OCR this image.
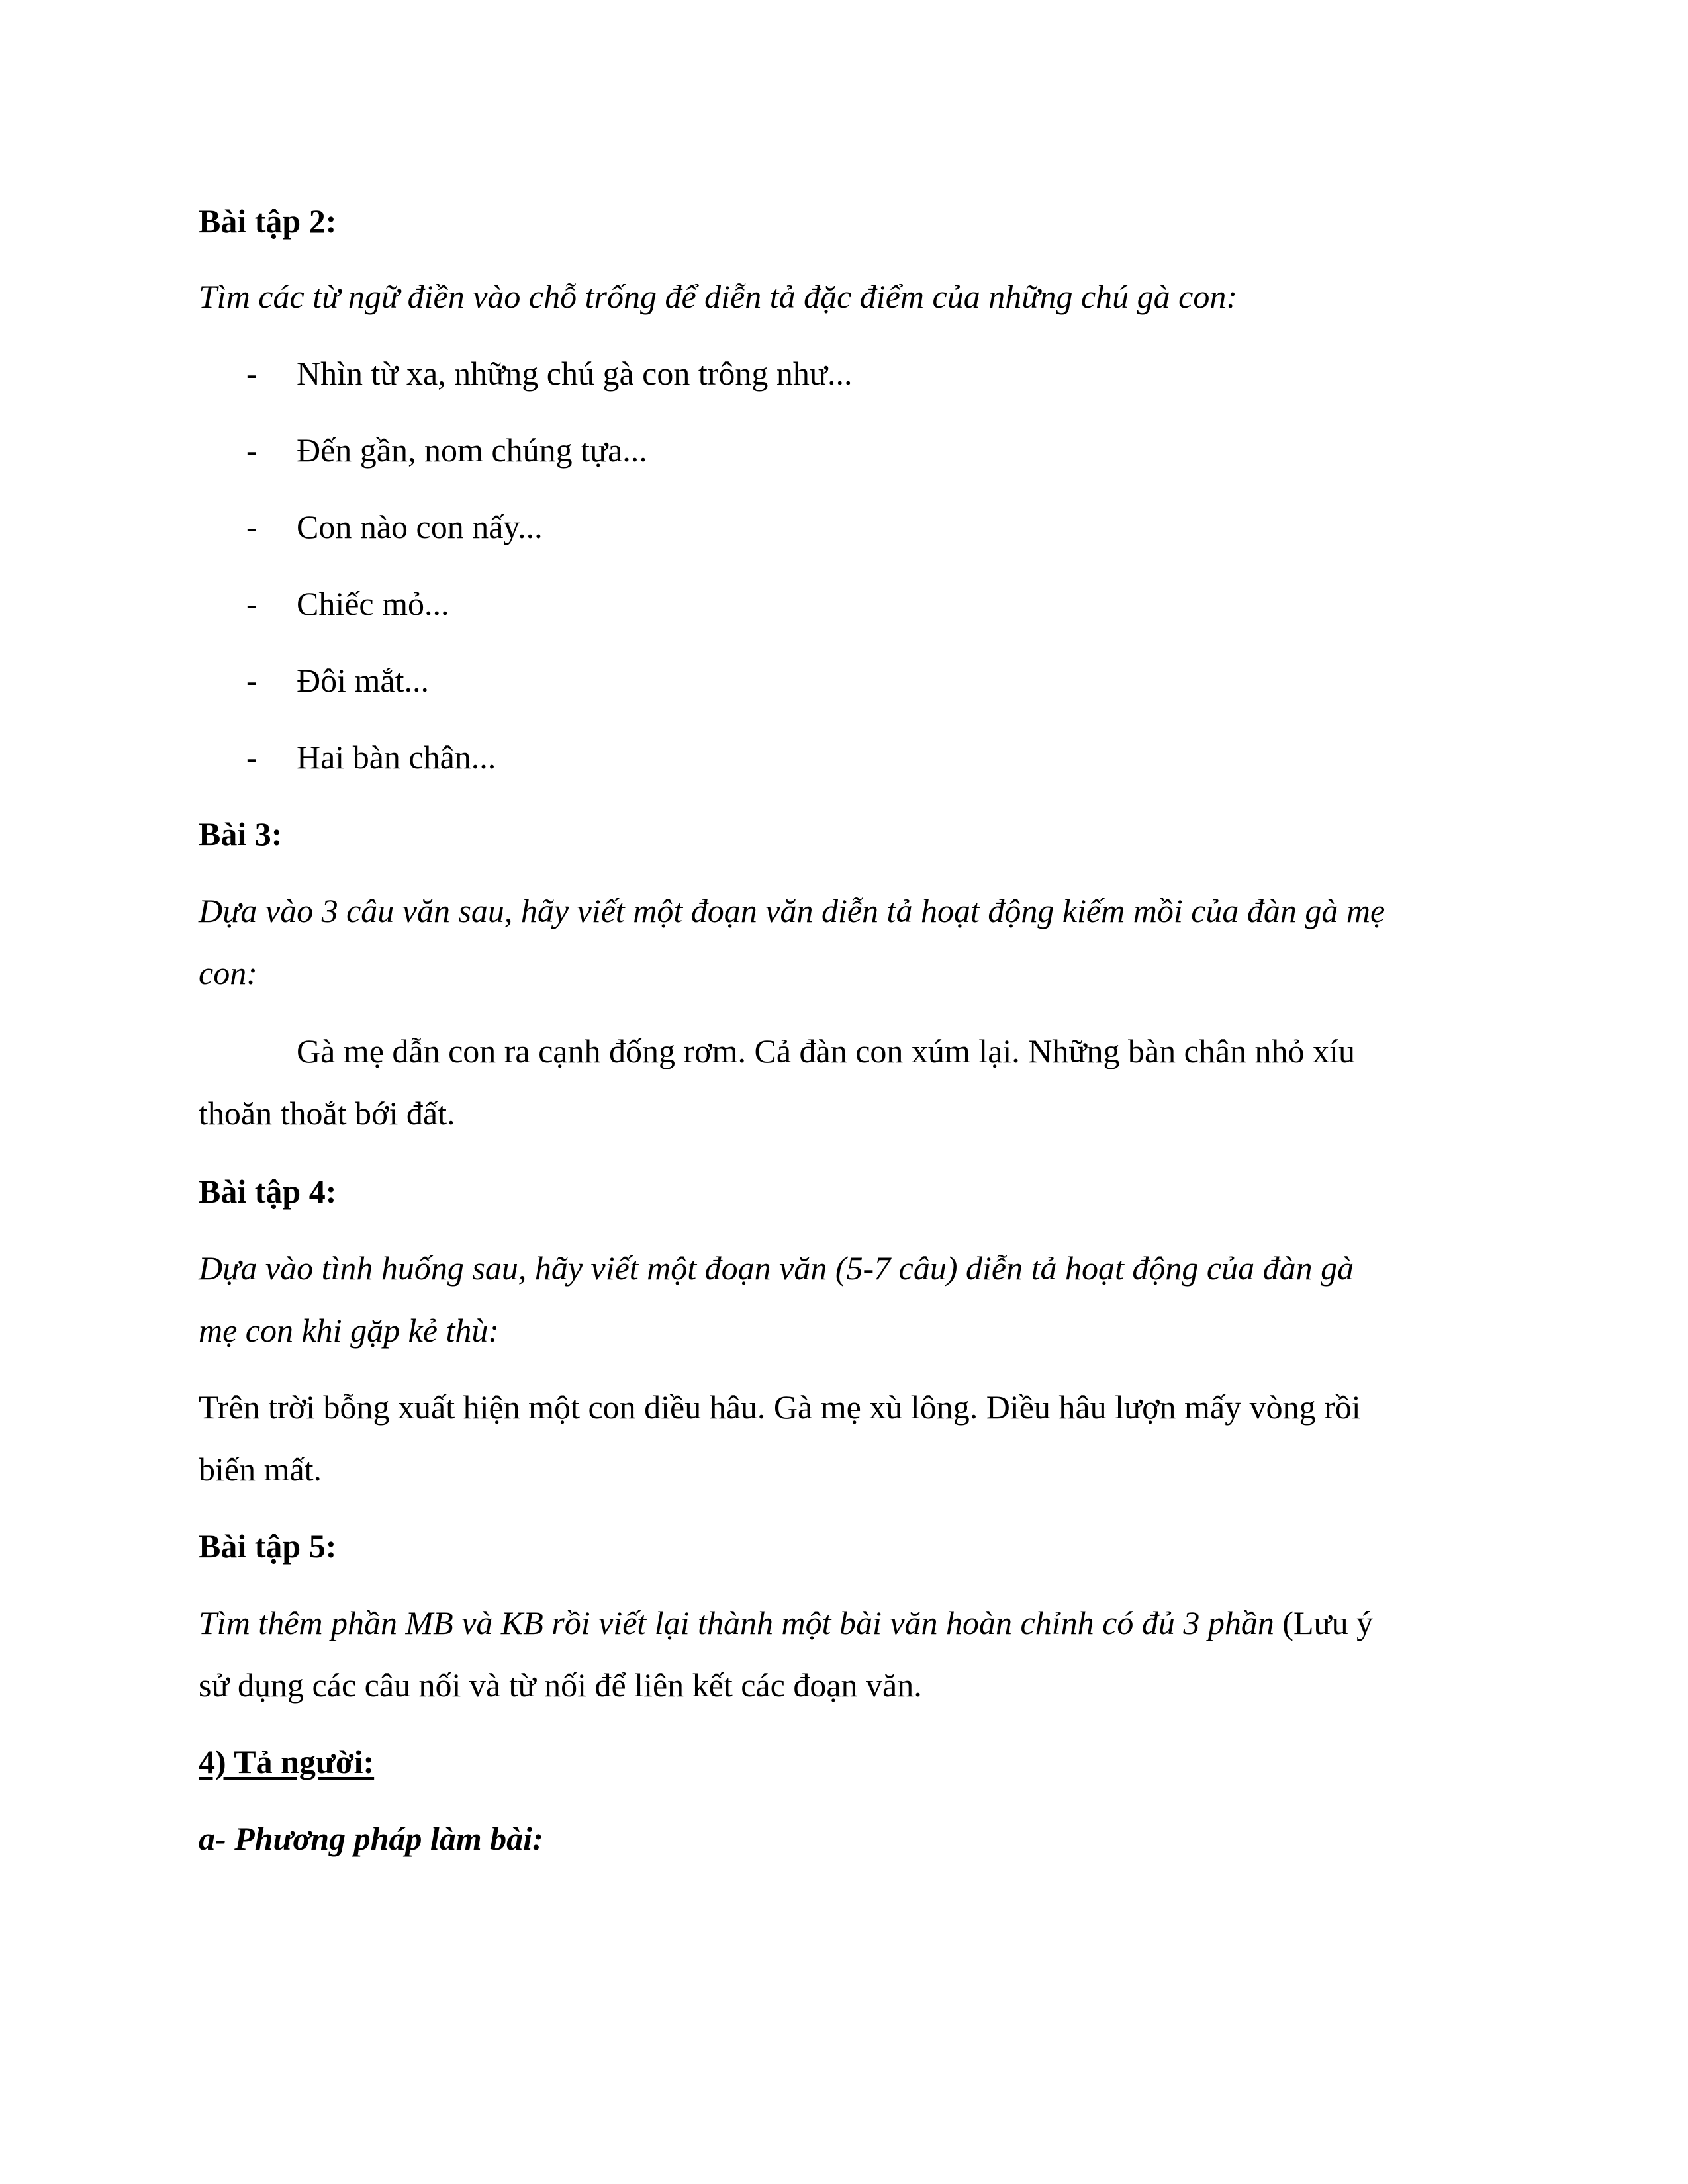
Bài tập 2:
Tìm các từ ngữ điền vào chỗ trống để diễn tả đặc điểm của những chú gà con:
- Nhìn từ xa, những chú gà con trông như...
- Đến gần, nom chúng tựa...
- Con nào con nấy...
- Chiếc mỏ...
- Đôi mắt...
- Hai bàn chân...
Bài 3:
Dựa vào 3 câu văn sau, hãy viết một đoạn văn diễn tả hoạt động kiếm mồi của đàn gà mẹ
con:
Gà mẹ dẫn con ra cạnh đống rơm. Cả đàn con xúm lại. Những bàn chân nhỏ xíu
thoăn thoắt bới đất.
Bài tập 4:
Dựa vào tình huống sau, hãy viết một đoạn văn (5-7 câu) diễn tả hoạt động của đàn gà
mẹ con khi gặp kẻ thù:
Trên trời bỗng xuất hiện một con diều hâu. Gà mẹ xù lông. Diều hâu lượn mấy vòng rồi
biến mất.
Bài tập 5:
Tìm thêm phần MB và KB rồi viết lại thành một bài văn hoàn chỉnh có đủ 3 phần (Lưu ý
sử dụng các câu nối và từ nối để liên kết các đoạn văn.
4) Tả người:
a- Phương pháp làm bài:
